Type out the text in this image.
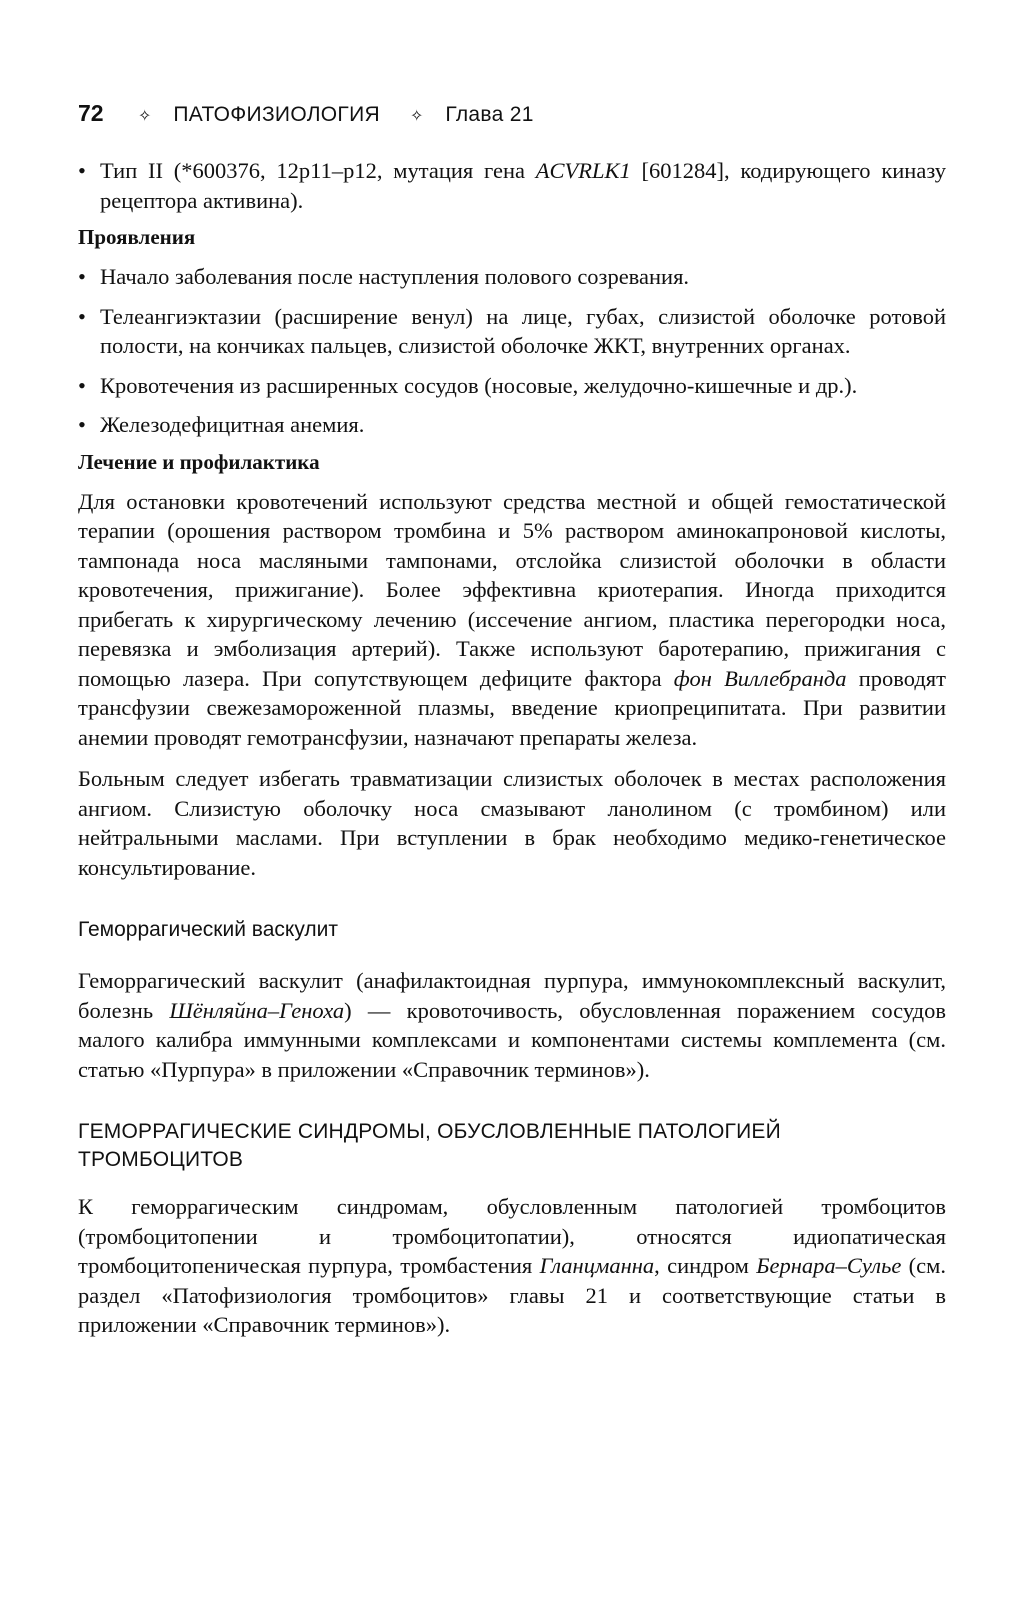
72	✧ ПАТОФИЗИОЛОГИЯ ✧ Глава 21
• Тип II (*600376, 12p11–p12, мутация гена ACVRLK1 [601284], кодирующего киназу рецептора активина).
Проявления
• Начало заболевания после наступления полового созревания.
• Телеангиэктазии (расширение венул) на лице, губах, слизистой оболочке ротовой полости, на кончиках пальцев, слизистой оболочке ЖКТ, внутренних органах.
• Кровотечения из расширенных сосудов (носовые, желудочно-кишечные и др.).
• Железодефицитная анемия.
Лечение и профилактика

Для остановки кровотечений используют средства местной и общей гемостатической терапии (орошения раствором тромбина и 5% раствором аминокапроновой кислоты, тампонада носа масляными тампонами, отслойка слизистой оболочки в области кровотечения, прижигание). Более эффективна криотерапия. Иногда приходится прибегать к хирургическому лечению (иссечение ангиом, пластика перегородки носа, перевязка и эмболизация артерий). Также используют баротерапию, прижигания с помощью лазера. При сопутствующем дефиците фактора фон Виллебранда проводят трансфузии свежезамороженной плазмы, введение криопреципитата. При развитии анемии проводят гемотрансфузии, назначают препараты железа.

Больным следует избегать травматизации слизистых оболочек в местах расположения ангиом. Слизистую оболочку носа смазывают ланолином (с тромбином) или нейтральными маслами. При вступлении в брак необходимо медико-генетическое консультирование.

Геморрагический васкулит

Геморрагический васкулит (анафилактоидная пурпура, иммунокомплексный васкулит, болезнь Шёнляйна–Геноха) — кровоточивость, обусловленная поражением сосудов малого калибра иммунными комплексами и компонентами системы комплемента (см. статью «Пурпура» в приложении «Справочник терминов»).

ГЕМОРРАГИЧЕСКИЕ СИНДРОМЫ, ОБУСЛОВЛЕННЫЕ ПАТОЛОГИЕЙ ТРОМБОЦИТОВ

К геморрагическим синдромам, обусловленным патологией тромбоцитов (тромбоцитопении и тромбоцитопатии), относятся идиопатическая тромбоцитопеническая пурпура, тромбастения Гланцманна, синдром Бернара–Сулье (см. раздел «Патофизиология тромбоцитов» главы 21 и соответствующие статьи в приложении «Справочник терминов»).
